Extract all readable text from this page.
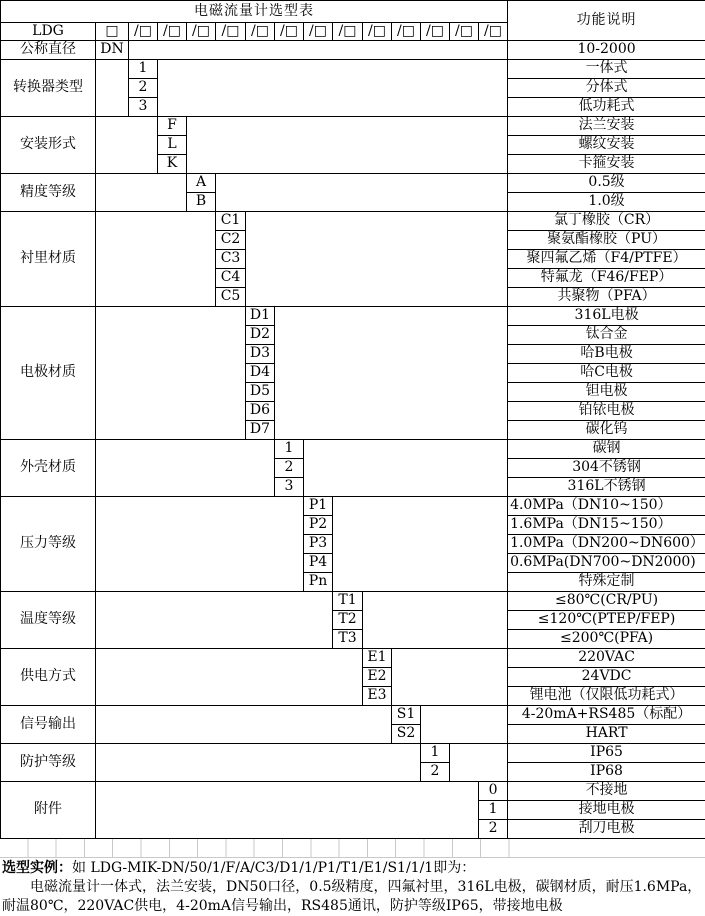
电磁流量计选型表															功能说明
LDG	□	/□	/□	/□	/□	/□	/□	/□	/□	/□	/□	/□	/□	/□	
公称直径	DN														10-2000
转换器类型		1													一体式
		2													分体式
		3													低功耗式
安装形式			F												法兰安装
			L												螺纹安装
			K												卡箍安装
精度等级				A											0.5级
				B											1.0级
衬里材质					C1										氯丁橡胶（CR）
					C2										聚氨酯橡胶（PU）
					C3										聚四氟乙烯（F4/PTFE）
					C4										特氟龙（F46/FEP）
					C5										共聚物（PFA）
电极材质						D1									316L电极
						D2									钛合金
						D3									哈B电极
						D4									哈C电极
						D5									钽电极
						D6									铂铱电极
						D7									碳化钨
外壳材质							1								碳钢
							2								304不锈钢
							3								316L不锈钢
压力等级								P1							4.0MPa（DN10~150）
								P2							1.6MPa（DN15~150）
								P3							1.0MPa（DN200~DN600）
								P4							0.6MPa(DN700~DN2000)
								Pn							特殊定制
温度等级									T1						≤80℃(CR/PU)
									T2						≤120℃(PTEP/FEP)
									T3						≤200℃(PFA)
供电方式										E1					220VAC
										E2					24VDC
										E3					锂电池（仅限低功耗式）
信号输出											S1				4-20mA+RS485（标配）
											S2				HART
防护等级												1			IP65
												2			IP68
附件														0	不接地
														1	接地电极
														2	刮刀电极

选型实例：如 LDG-MIK-DN/50/1/F/A/C3/D1/1/P1/T1/E1/S1/1/1即为：

电磁流量计一体式，法兰安装，DN50口径，0.5级精度，四氟衬里，316L电极，碳钢材质，耐压1.6MPa，耐温80℃，220VAC供电，4-20mA信号输出，RS485通讯，防护等级IP65，带接地电极
